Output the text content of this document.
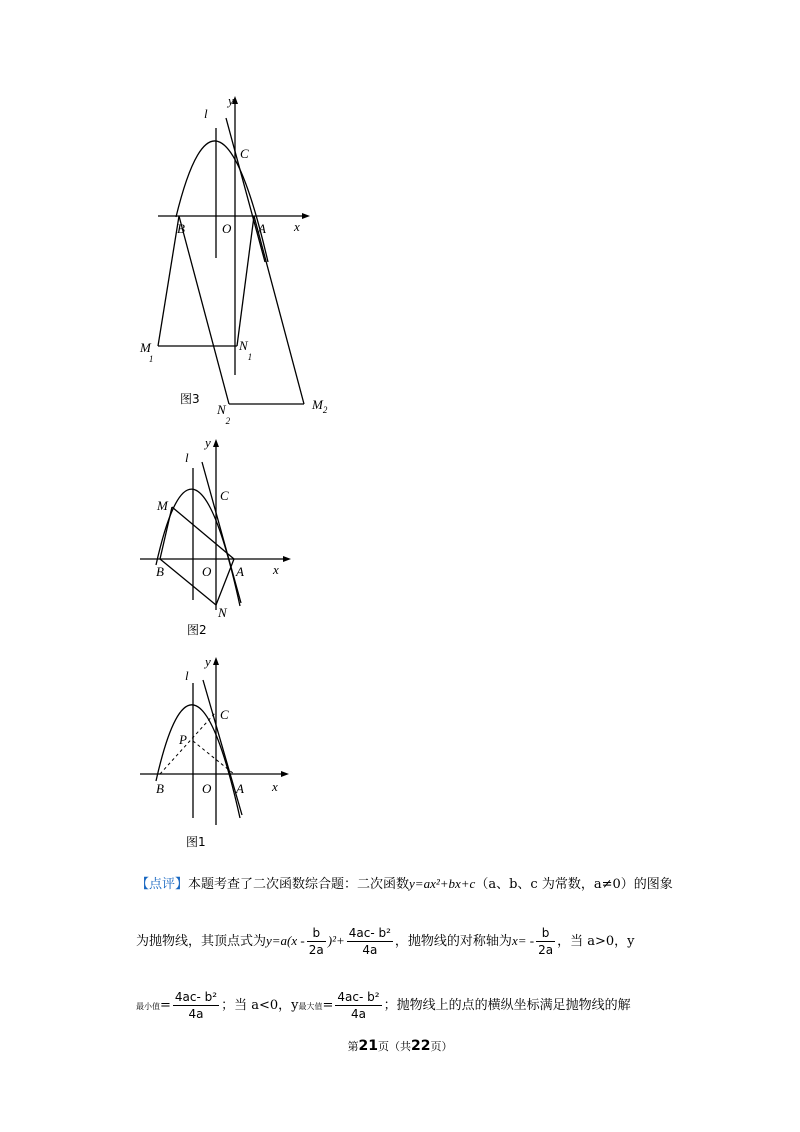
l
y
x
C
B	O A
M 1
$N_1$
$N_2$
$M_2$
图3
l
y
x
C
M
B	O A
N
图2
l
y
x
C
P
B	O A
图1
【点评】本题考查了二次函数综合题：二次函数y=ax²+bx+c（a、b、c 为常数，a≠0）的图象
为抛物线，其顶点式为$y=a(x - \frac{b}{2a} )^2+ \frac{\text{4ac- b²}}{4a}$ ，抛物线的对称轴为$x= - \frac{b}{2a}$ ，当 a>0，y
最小值= $\frac{\text{4ac- b²}}{4a}$ ；当 a<0，y最大值= $\frac{\text{4ac- b²}}{4a}$ ；抛物线上的点的横纵坐标满足抛物线的解
第21页（共22页）
